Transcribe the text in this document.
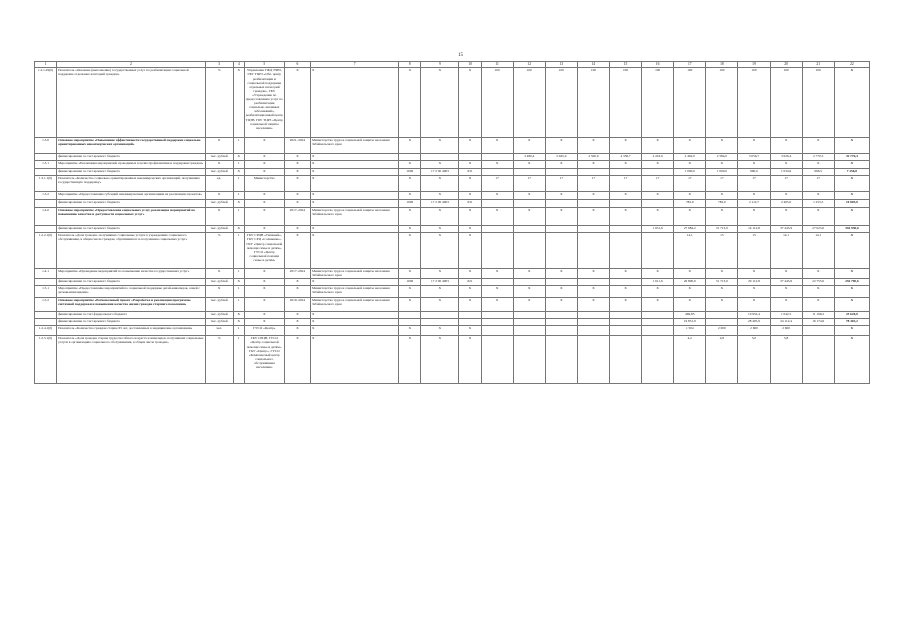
15
1	2	3	4	5	6	7	8	9	10	11	12	13	14	15	16	17	18	19	20	21	22
1.2.1.29(0)	Показатель «Оказание (выполнение) государственных услуг по реабилитации социальной поддержке отдельных категорий граждан»	%	X	Управление ГЖД ТЧЮ, ГБУ ТЦРЗ «Обл. центр реабилитации и социальной поддержки отдельных категорий граждан», ГКУ «Учреждение по предоставлению услуг по реабилитации социально-значимых заболеваний», реабилитационный центр ТЦЗН, ГБУ ТЦРЗ «Центр социальной защиты населения»	X	X	X	X	X	100	100	100	100	100	100	100	100	100	100	100	X
1.3.0	Основное мероприятие «Повышение эффективности государственной поддержки социально ориентированных некоммерческих организаций»	X	1	X	2021–2024	Министерство труда и социальной защиты населения Забайкальского края	X	X	X	X	X	X	X	X	X	X	X	X	X	X	X
	финансирование за счет краевого бюджета	тыс. рублей	X	X	X	X					3 480,4	2 945,0	2 500,0	4 336,7	2 243,0	2 462,0	2 584,0	3 056,7	3 626,4	2 770,5	32 776,4
1.3.1	Мероприятие «Реализация мероприятий, проводимых в целях профилактики и поддержки граждан»	X	1	X	X	X	X	X	X	X	X	X	X	X	X	X	X	X	X	X	X
	финансирование за счет краевого бюджета	тыс. рублей	X	X	X	X	1006	17 2 00 4903	631							1 000,0	1 000,0	990,0	1 034,6	666,5	7 256,8
1.3.1.1(0)	Показатель «Количество социально ориентированных некоммерческих организаций, получивших государственную поддержку»	ед.	1	Министерство	X	X	X	X	X	17	17	17	17	17	17	17	17	17	17	17	X
1.3.2	Мероприятие «Предоставление субсидий некоммерческим организациям на реализацию проектов»	X	1	X	X	X	X	X	X	X	X	X	X	X	X	X	X	X	X	X	X
	финансирование за счет краевого бюджета	тыс. рублей	X	X	X	X	1006	17 2 00 4903	631							782,0	782,0	2 112,7	2 405,0	1 253,5	10 805,0
1.4.0	Основное мероприятие «Предоставление социальных услуг, реализация мероприятий по повышению качества и доступности социальных услуг»	X	1	X	2017–2024	Министерство труда и социальной защиты населения Забайкальского края	X	X	X	X	X	X	X	X	X	X	X	X	X	X	X
	финансирование за счет краевого бюджета	тыс. рублей	X	X	X	X	X	X	X						1 651,6	27 984,2	31 713,0	14 112,8	37 443,9	27 025,0	336 938,6
1.2.2.1(0)	Показатель «Доля граждан, получивших социальные услуги в учреждениях социального обслуживания, в общем числе граждан, обратившихся за получением социальных услуг»	%	1	ГКУ СРЦН «Таёжный», ГКУ СРЦ «Солнышко», ГКУ «Центр социальной помощи семье и детям», ГУСО «Центр социальной помощи семье и детям»	X	X	X	X	X							14,1	15	15	14,1	14,1	X
1.4.1	Мероприятие «Проведение мероприятий по повышению качества государственных услуг»	X	1	X	2017–2024	Министерство труда и социальной защиты населения Забайкальского края	X	X	X	X	X	X	X	X	X	X	X	X	X	X	X
	финансирование за счет краевого бюджета	тыс. рублей	X	X	X	X	1006	17 2 00 4903	621						1 611,6	26 890,0	31 713,0	29 112,8	37 443,9	22 755,0	236 790,6
1.5.1	Мероприятие «Предоставление мероприятий по социальной поддержке детей-инвалидов, семей с детьми-инвалидами»	X	1	X	X	Министерство труда и социальной защиты населения Забайкальского края	X	X	X	X	X	X	X	X	X	X	X	X	X	X	X
1.5.2	Основное мероприятие «Региональный проект «Разработка и реализация программы системной поддержки и повышения качества жизни граждан старшего поколения»	тыс. рублей	1	X	2019–2024	Министерство труда и социальной защиты населения Забайкальского края	X	X	X	X	X	X	X	X	X	X	X	X	X	X	X
	финансирование за счет федерального бюджета	тыс. рублей	X	X	X	X										469,85		10 952,4	1 042,5	11 199,2	23 620,0
	финансирование за счет краевого бюджета	тыс. рублей	X	X	X	X										19 831,9		28 405,9	24 112,4	16 174,6	78 402,2
1.2.4.1(0)	Показатель «Количество граждан старше 65 лет, доставленных в медицинские организации»	чел.	1	ГУСО «Центр»	X	X	X	X	X							1 504	2 000	2 600	2 600		X
1.2.5.1(0)	Показатель «Доля граждан старше трудоспособного возраста и инвалидов, получивших социальные услуги в организациях социального обслуживания, в общем числе граждан»	%	1	ГКУ СРЦН, ГУСО «Центр социальной помощи семье и детям», ГКУ «Центр», ГУСО «Комплексный центр социального обслуживания населения»	X	X	X	X	X							4,2	4,8	5,0	5,8		X
